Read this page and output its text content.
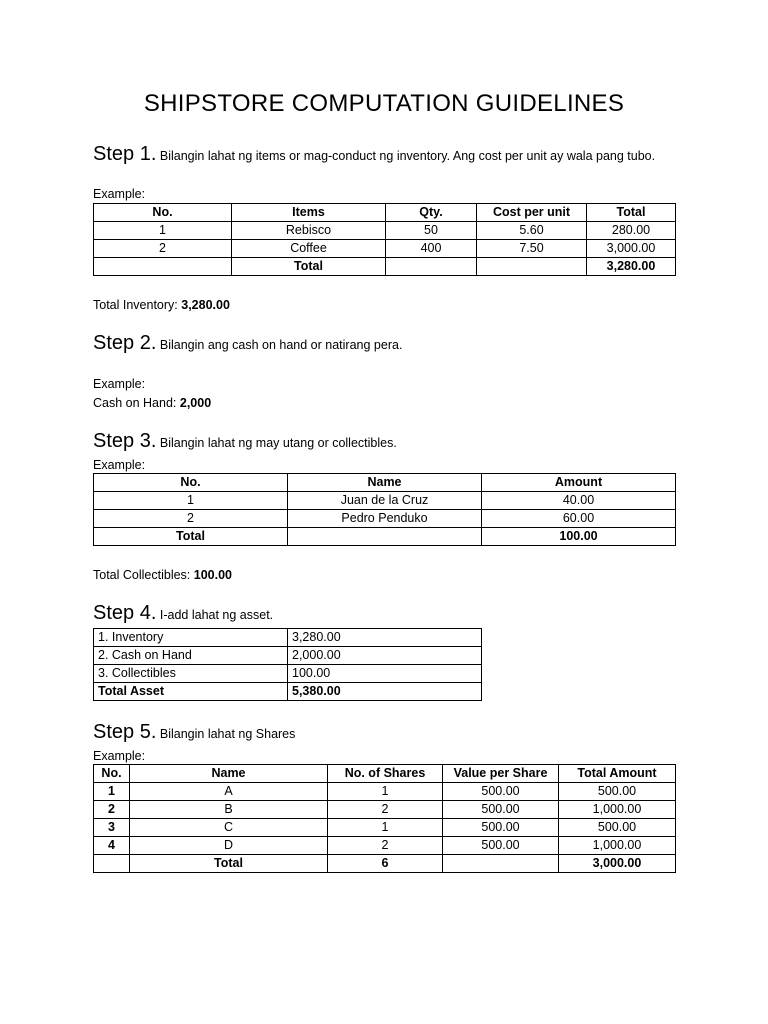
SHIPSTORE COMPUTATION GUIDELINES
Step 1. Bilangin lahat ng items or mag-conduct ng inventory. Ang cost per unit ay wala pang tubo.
Example:
No.	Items	Qty.	Cost per unit	Total
1	Rebisco	50	5.60	280.00
2	Coffee	400	7.50	3,000.00
	Total			3,280.00
Total Inventory: 3,280.00
Step 2. Bilangin ang cash on hand or natirang pera.
Example:
Cash on Hand: 2,000
Step 3. Bilangin lahat ng may utang or collectibles.
Example:
No.	Name	Amount
1	Juan de la Cruz	40.00
2	Pedro Penduko	60.00
Total		100.00
Total Collectibles: 100.00
Step 4. I-add lahat ng asset.
1. Inventory	3,280.00
2. Cash on Hand	2,000.00
3. Collectibles	100.00
Total Asset	5,380.00
Step 5. Bilangin lahat ng Shares
Example:
No.	Name	No. of Shares	Value per Share	Total Amount
1	A	1	500.00	500.00
2	B	2	500.00	1,000.00
3	C	1	500.00	500.00
4	D	2	500.00	1,000.00
	Total	6		3,000.00
